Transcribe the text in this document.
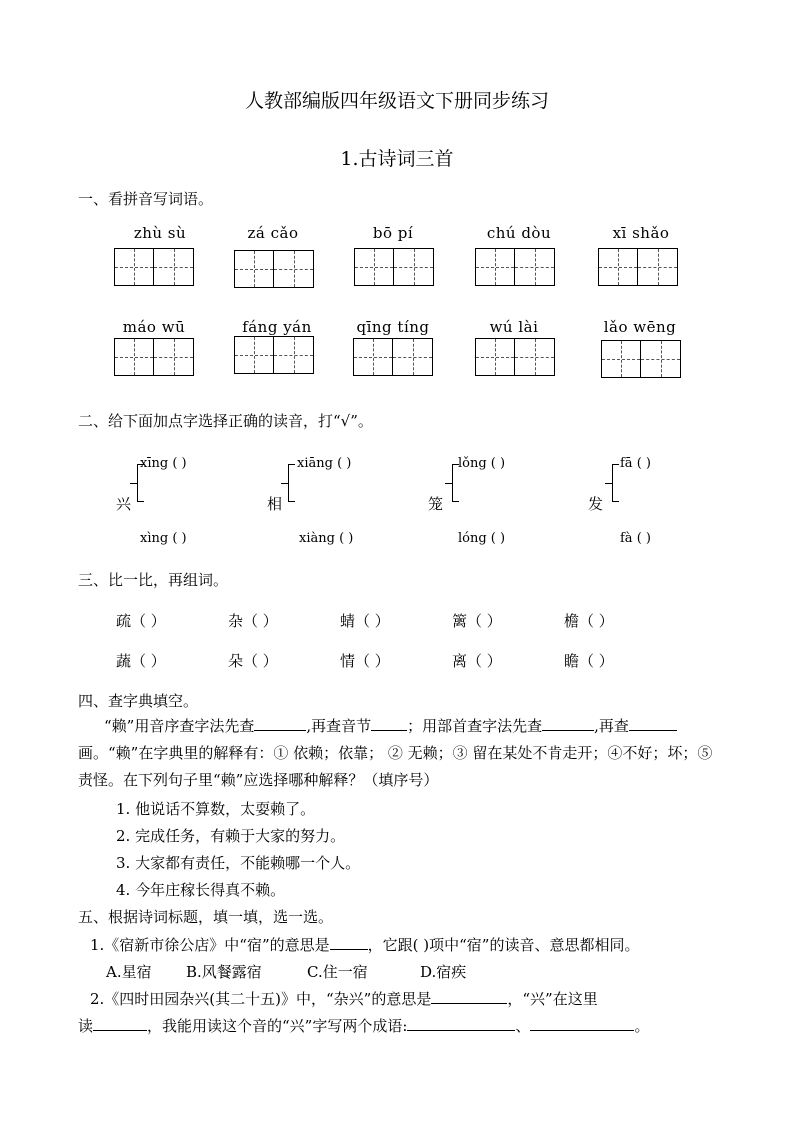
人教部编版四年级语文下册同步练习
1.古诗词三首
一、看拼音写词语。
zhù sù	zá cǎo	bō pí	chú dòu	xī shǎo
máo wū	fáng yán	qīng tíng	wú lài	lǎo wēng
二、给下面加点字选择正确的读音，打“√”。
兴
xīng ( )
xìng ( )
相
xiāng ( )
xiàng ( )
笼
lǒng ( )
lóng ( )
发
fā ( )
fà ( )
三、比一比，再组词。
疏（ ）	杂（ ）	蜻（ ）	篱（ ）	檐（ ）
蔬（ ）	朵（ ）	情（ ）	离（ ）	瞻（ ）
四、查字典填空。
“赖”用音序查字法先查	,再查音节 ；用部首查字法先查	,再查画。“赖”在字典里的解释有：① 依赖；依靠； ② 无赖；③ 留在某处不肯走开；④不好；坏；⑤责怪。在下列句子里“赖”应选择哪种解释？（填序号）
1. 他说话不算数，太耍赖了。
2. 完成任务，有赖于大家的努力。
3. 大家都有责任，不能赖哪一个人。
4. 今年庄稼长得真不赖。
五、根据诗词标题，填一填，选一选。
1.《宿新市徐公店》中“宿”的意思是	，它跟( )项中“宿”的读音、意思都相同。
A.星宿 B.风餐露宿	C.住一宿	D.宿疾
2.《四时田园杂兴(其二十五)》中，“杂兴”的意思是	，“兴”在这里
读	，我能用读这个音的“兴”字写两个成语:	、	。
